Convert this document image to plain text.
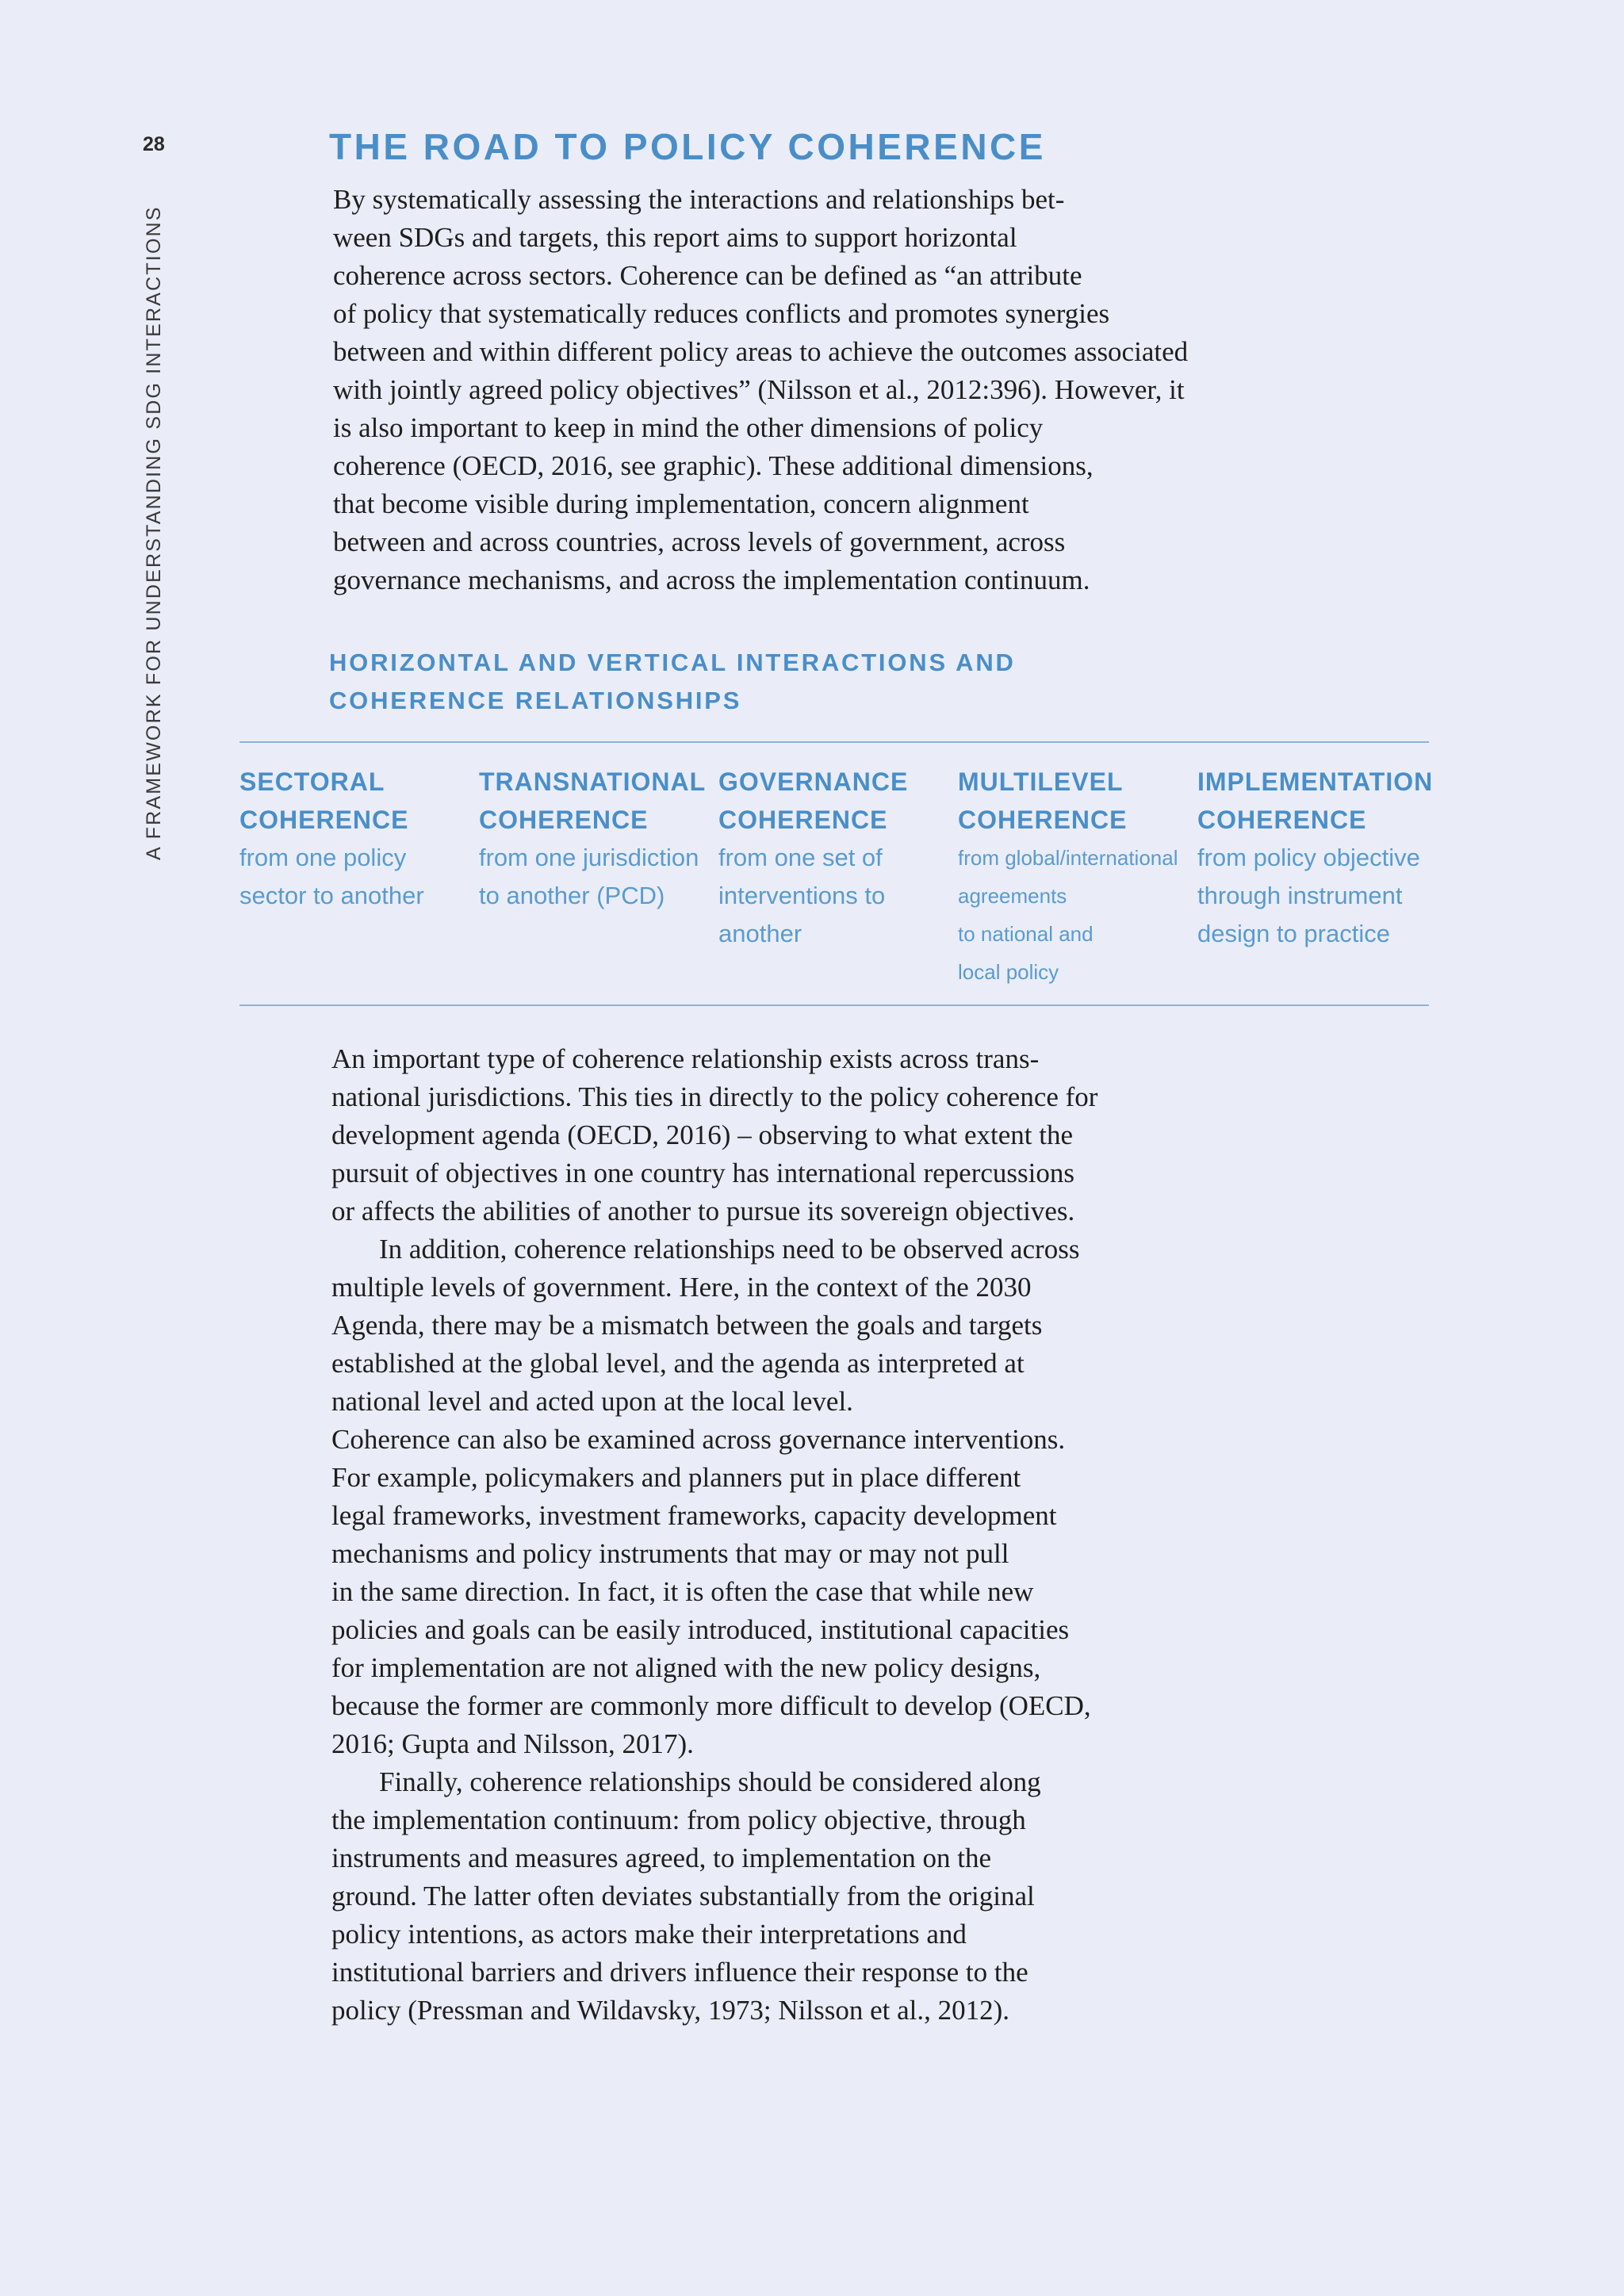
28
A FRAMEWORK FOR UNDERSTANDING SDG INTERACTIONS
THE ROAD TO POLICY COHERENCE
By systematically assessing the interactions and relationships bet-
ween SDGs and targets, this report aims to support horizontal
coherence across sectors. Coherence can be defined as “an attribute
of policy that systematically reduces conflicts and promotes synergies
between and within different policy areas to achieve the outcomes associated
with jointly agreed policy objectives” (Nilsson et al., 2012:396). However, it
is also important to keep in mind the other dimensions of policy
coherence (OECD, 2016, see graphic). These additional dimensions,
that become visible during implementation, concern alignment
between and across countries, across levels of government, across
governance mechanisms, and across the implementation continuum.
HORIZONTAL AND VERTICAL INTERACTIONS AND
COHERENCE RELATIONSHIPS
SECTORAL
COHERENCE
from one policy
sector to another
TRANSNATIONAL
COHERENCE
from one jurisdiction
to another (PCD)
GOVERNANCE
COHERENCE
from one set of
interventions to
another
MULTILEVEL
COHERENCE
from global/international
agreements
to national and
local policy
IMPLEMENTATION
COHERENCE
from policy objective
through instrument
design to practice
An important type of coherence relationship exists across trans-
national jurisdictions. This ties in directly to the policy coherence for
development agenda (OECD, 2016) – observing to what extent the
pursuit of objectives in one country has international repercussions
or affects the abilities of another to pursue its sovereign objectives.
In addition, coherence relationships need to be observed across
multiple levels of government. Here, in the context of the 2030
Agenda, there may be a mismatch between the goals and targets
established at the global level, and the agenda as interpreted at
national level and acted upon at the local level.
Coherence can also be examined across governance interventions.
For example, policymakers and planners put in place different
legal frameworks, investment frameworks, capacity development
mechanisms and policy instruments that may or may not pull
in the same direction. In fact, it is often the case that while new
policies and goals can be easily introduced, institutional capacities
for implementation are not aligned with the new policy designs,
because the former are commonly more difficult to develop (OECD,
2016; Gupta and Nilsson, 2017).
Finally, coherence relationships should be considered along
the implementation continuum: from policy objective, through
instruments and measures agreed, to implementation on the
ground. The latter often deviates substantially from the original
policy intentions, as actors make their interpretations and
institutional barriers and drivers influence their response to the
policy (Pressman and Wildavsky, 1973; Nilsson et al., 2012).
